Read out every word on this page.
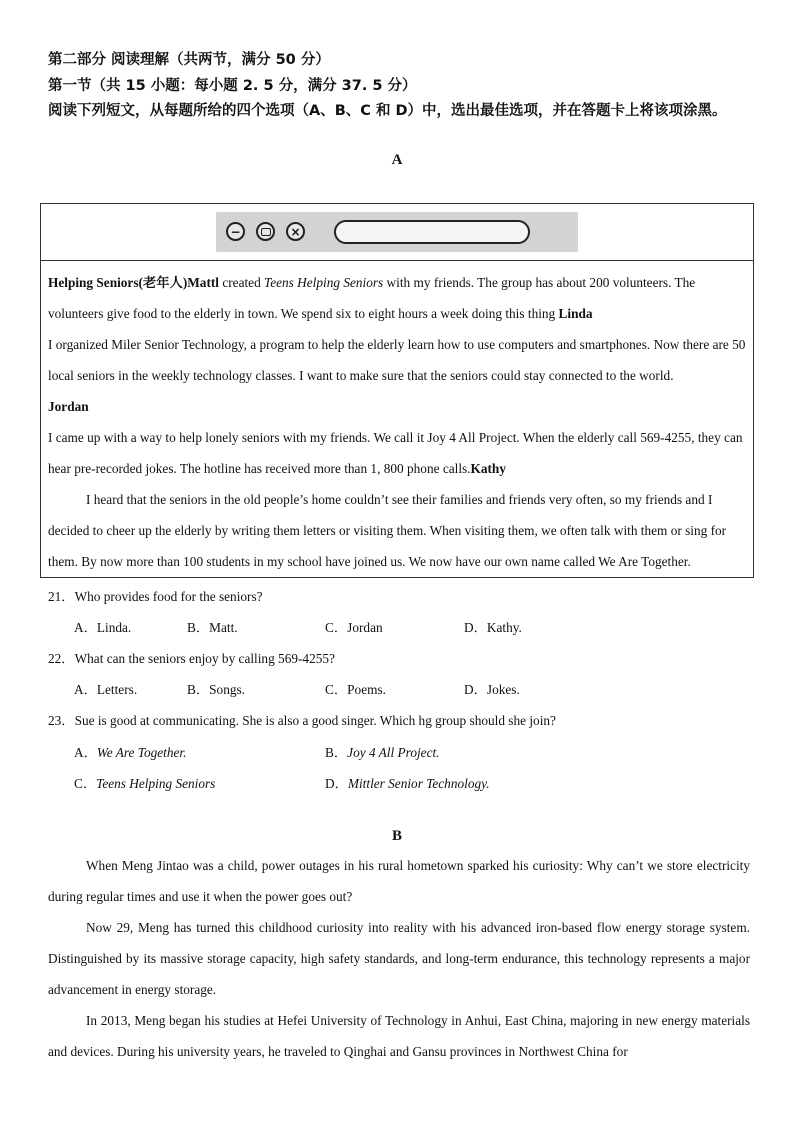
第二部分 阅读理解（共两节，满分 50 分）
第一节（共 15 小题：每小题 2. 5 分，满分 37. 5 分）
阅读下列短文，从每题所给的四个选项（A、B、C 和 D）中，选出最佳选项，并在答题卡上将该项涂黑。
A
−	×

Helping Seniors(老年人)Mattl created Teens Helping Seniors with my friends. The group has about 200 volunteers. The volunteers give food to the elderly in town. We spend six to eight hours a week doing this thing Linda

I organized Miler Senior Technology, a program to help the elderly learn how to use computers and smartphones. Now there are 50 local seniors in the weekly technology classes. I want to make sure that the seniors could stay connected to the world.
Jordan

I came up with a way to help lonely seniors with my friends. We call it Joy 4 All Project. When the elderly call 569-4255, they can hear pre-recorded jokes. The hotline has received more than 1, 800 phone calls.Kathy

I heard that the seniors in the old people’s home couldn’t see their families and friends very often, so my friends and I decided to cheer up the elderly by writing them letters or visiting them. When visiting them, we often talk with them or sing for them. By now more than 100 students in my school have joined us. We now have our own name called We Are Together.

21．Who provides food for the seniors?
A．Linda.	B．Matt.	C．Jordan	D．Kathy.
22．What can the seniors enjoy by calling 569-4255?
A．Letters.	B．Songs.	C．Poems.	D．Jokes.
23．Sue is good at communicating. She is also a good singer. Which hg group should she join?
A．We Are Together.	B．Joy 4 All Project.
C．Teens Helping Seniors	D．Mittler Senior Technology.
B

When Meng Jintao was a child, power outages in his rural hometown sparked his curiosity: Why can’t we store electricity during regular times and use it when the power goes out?

Now 29, Meng has turned this childhood curiosity into reality with his advanced iron-based flow energy storage system. Distinguished by its massive storage capacity, high safety standards, and long-term endurance, this technology represents a major advancement in energy storage.

In 2013, Meng began his studies at Hefei University of Technology in Anhui, East China, majoring in new energy materials and devices. During his university years, he traveled to Qinghai and Gansu provinces in Northwest China for
